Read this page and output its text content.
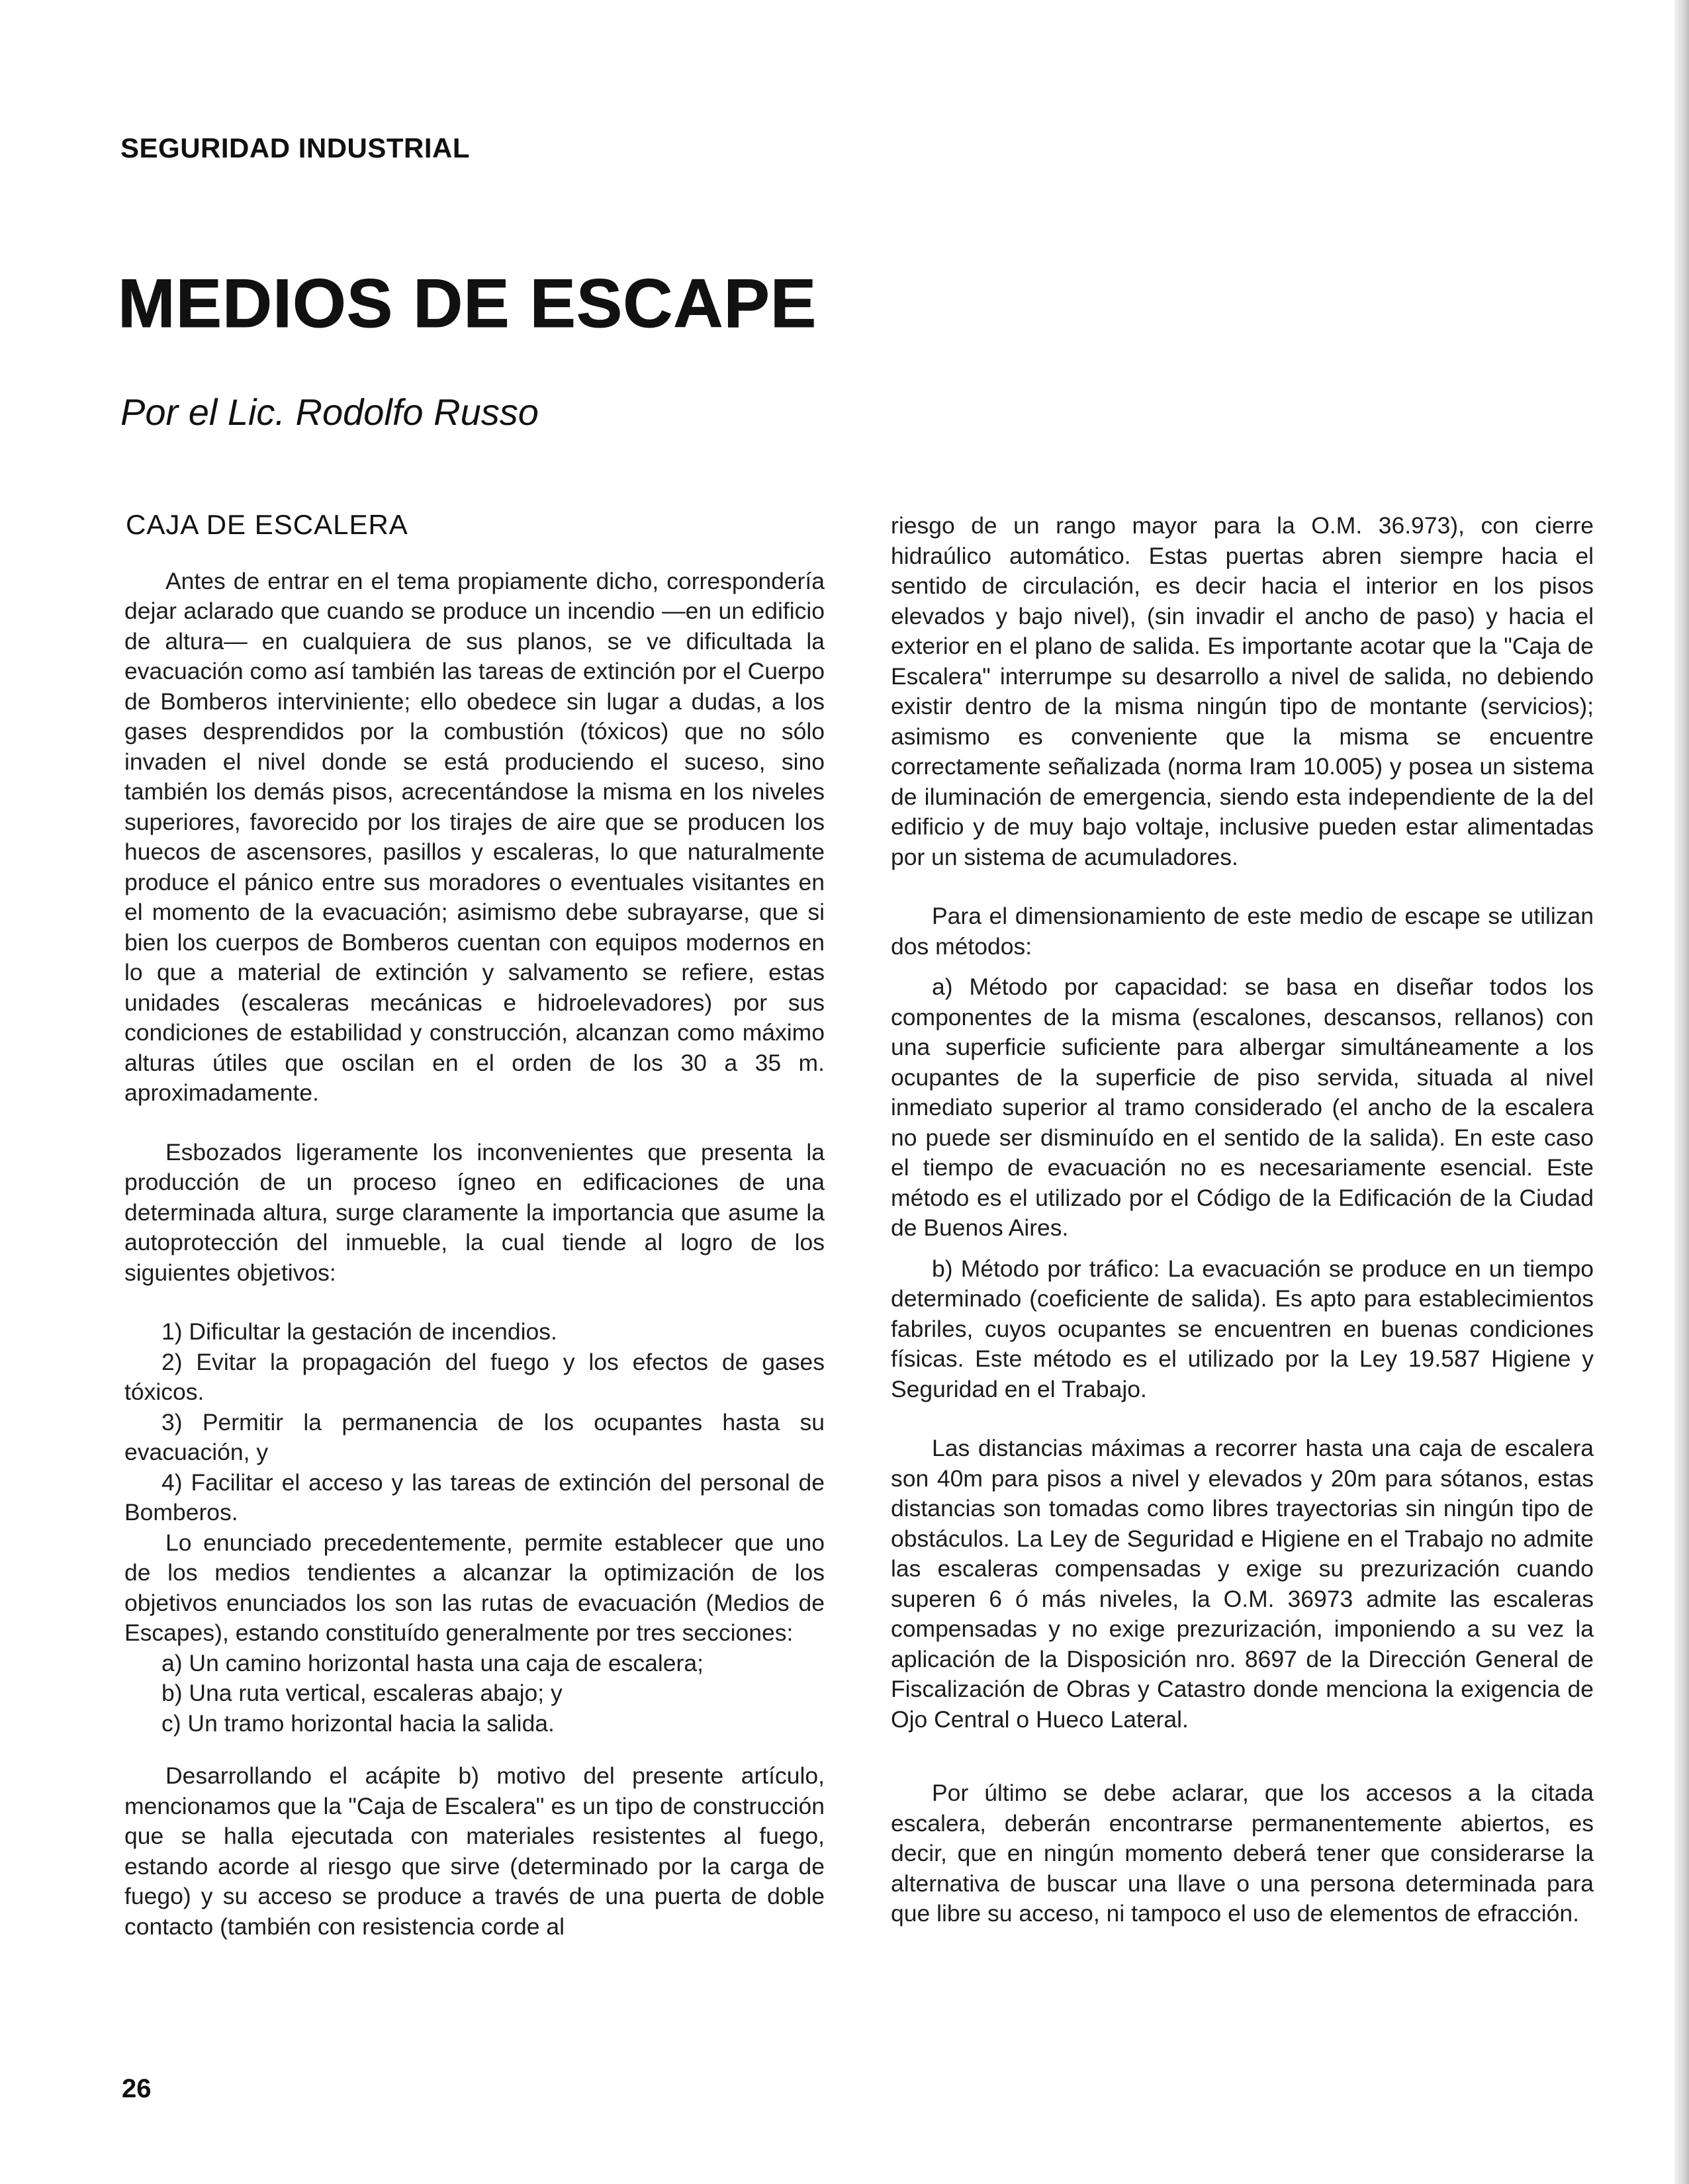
SEGURIDAD INDUSTRIAL
MEDIOS DE ESCAPE
Por el Lic. Rodolfo Russo
CAJA DE ESCALERA

Antes de entrar en el tema propiamente dicho, correspondería dejar aclarado que cuando se produce un incendio —en un edificio de altura— en cualquiera de sus planos, se ve dificultada la evacuación como así también las tareas de extinción por el Cuerpo de Bomberos interviniente; ello obedece sin lugar a dudas, a los gases desprendidos por la combustión (tóxicos) que no sólo invaden el nivel donde se está produciendo el suceso, sino también los demás pisos, acrecentándose la misma en los niveles superiores, favorecido por los tirajes de aire que se producen los huecos de ascensores, pasillos y escaleras, lo que naturalmente produce el pánico entre sus moradores o eventuales visitantes en el momento de la evacuación; asimismo debe subrayarse, que si bien los cuerpos de Bomberos cuentan con equipos modernos en lo que a material de extinción y salvamento se refiere, estas unidades (escaleras mecánicas e hidroelevadores) por sus condiciones de estabilidad y construcción, alcanzan como máximo alturas útiles que oscilan en el orden de los 30 a 35 m. aproximadamente.

Esbozados ligeramente los inconvenientes que presenta la producción de un proceso ígneo en edificaciones de una determinada altura, surge claramente la importancia que asume la autoprotección del inmueble, la cual tiende al logro de los siguientes objetivos:

1) Dificultar la gestación de incendios.

2) Evitar la propagación del fuego y los efectos de gases tóxicos.

3) Permitir la permanencia de los ocupantes hasta su evacuación, y

4) Facilitar el acceso y las tareas de extinción del personal de Bomberos.

Lo enunciado precedentemente, permite establecer que uno de los medios tendientes a alcanzar la optimización de los objetivos enunciados los son las rutas de evacuación (Medios de Escapes), estando constituído generalmente por tres secciones:

a) Un camino horizontal hasta una caja de escalera;

b) Una ruta vertical, escaleras abajo; y

c) Un tramo horizontal hacia la salida.

Desarrollando el acápite b) motivo del presente artículo, mencionamos que la "Caja de Escalera" es un tipo de construcción que se halla ejecutada con materiales resistentes al fuego, estando acorde al riesgo que sirve (determinado por la carga de fuego) y su acceso se produce a través de una puerta de doble contacto (también con resistencia corde al

riesgo de un rango mayor para la O.M. 36.973), con cierre hidraúlico automático. Estas puertas abren siempre hacia el sentido de circulación, es decir hacia el interior en los pisos elevados y bajo nivel), (sin invadir el ancho de paso) y hacia el exterior en el plano de salida. Es importante acotar que la "Caja de Escalera" interrumpe su desarrollo a nivel de salida, no debiendo existir dentro de la misma ningún tipo de montante (servicios); asimismo es conveniente que la misma se encuentre correctamente señalizada (norma Iram 10.005) y posea un sistema de iluminación de emergencia, siendo esta independiente de la del edificio y de muy bajo voltaje, inclusive pueden estar alimentadas por un sistema de acumuladores.

Para el dimensionamiento de este medio de escape se utilizan dos métodos:

a) Método por capacidad: se basa en diseñar todos los componentes de la misma (escalones, descansos, rellanos) con una superficie suficiente para albergar simultáneamente a los ocupantes de la superficie de piso servida, situada al nivel inmediato superior al tramo considerado (el ancho de la escalera no puede ser disminuído en el sentido de la salida). En este caso el tiempo de evacuación no es necesariamente esencial. Este método es el utilizado por el Código de la Edificación de la Ciudad de Buenos Aires.

b) Método por tráfico: La evacuación se produce en un tiempo determinado (coeficiente de salida). Es apto para establecimientos fabriles, cuyos ocupantes se encuentren en buenas condiciones físicas. Este método es el utilizado por la Ley 19.587 Higiene y Seguridad en el Trabajo.

Las distancias máximas a recorrer hasta una caja de escalera son 40m para pisos a nivel y elevados y 20m para sótanos, estas distancias son tomadas como libres trayectorias sin ningún tipo de obstáculos. La Ley de Seguridad e Higiene en el Trabajo no admite las escaleras compensadas y exige su prezurización cuando superen 6 ó más niveles, la O.M. 36973 admite las escaleras compensadas y no exige prezurización, imponiendo a su vez la aplicación de la Disposición nro. 8697 de la Dirección General de Fiscalización de Obras y Catastro donde menciona la exigencia de Ojo Central o Hueco Lateral.

Por último se debe aclarar, que los accesos a la citada escalera, deberán encontrarse permanentemente abiertos, es decir, que en ningún momento deberá tener que considerarse la alternativa de buscar una llave o una persona determinada para que libre su acceso, ni tampoco el uso de elementos de efracción.

26
